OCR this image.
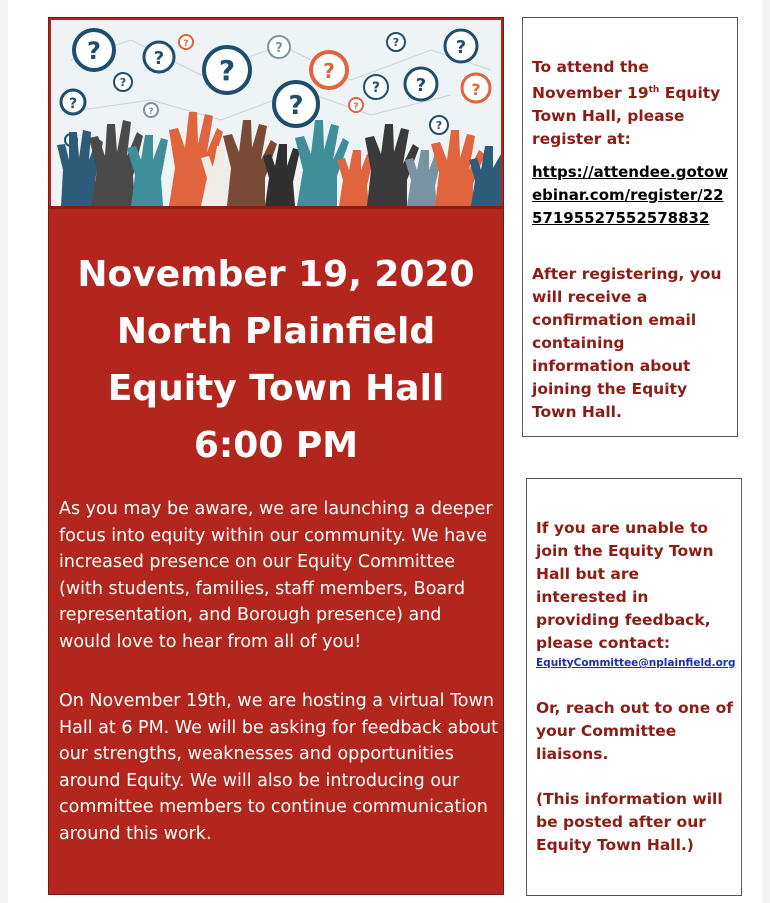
?	?
?
?
?
?
?
?
?
?
?
?
?
?
?	?
?
November 19, 2020
North Plainfield
Equity Town Hall
6:00 PM
As you may be aware, we are launching a deeper focus into equity within our community. We have increased presence on our Equity Committee (with students, families, staff members, Board representation, and Borough presence) and would love to hear from all of you!
On November 19th, we are hosting a virtual Town Hall at 6 PM. We will be asking for feedback about our strengths, weaknesses and opportunities around Equity. We will also be introducing our committee members to continue communication around this work.
To attend the November 19th Equity Town Hall, please register at:
https://attendee.gotowebinar.com/register/2257195527552578832
After registering, you will receive a confirmation email containing information about joining the Equity Town Hall.
If you are unable to join the Equity Town Hall but are interested in providing feedback, please contact:
EquityCommittee@nplainfield.org
Or, reach out to one of your Committee liaisons.
(This information will be posted after our Equity Town Hall.)
